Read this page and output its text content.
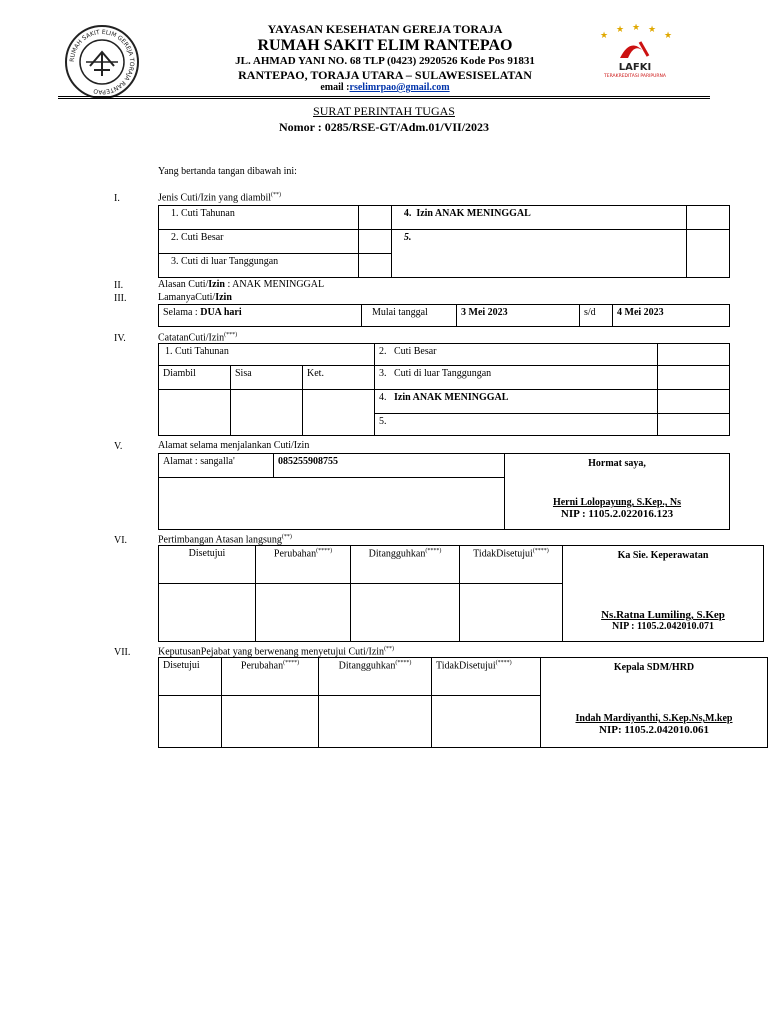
RUMAH SAKIT ELIM GEREJA TORAJA RANTEPAO
YAYASAN KESEHATAN GEREJA TORAJA
RUMAH SAKIT ELIM RANTEPAO
JL. AHMAD YANI NO. 68 TLP (0423) 2920526 Kode Pos 91831
RANTEPAO, TORAJA UTARA – SULAWESISELATAN
email :rselimrpao@gmail.com
★
★ ★ ★
★
LAFKI
TERAKREDITASI PARIPURNA
SURAT PERINTAH TUGAS
Nomor : 0285/RSE-GT/Adm.01/VII/2023
Yang bertanda tangan dibawah ini:
I.	Jenis Cuti/Izin yang diambil(**)
1. Cuti Tahunan		4. Izin ANAK MENINGGAL	
2. Cuti Besar		5.	
3. Cuti di luar Tanggungan			
II.	Alasan Cuti/Izin : ANAK MENINGGAL
III.	LamanyaCuti/Izin
Selama : DUA hari	Mulai tanggal	3 Mei 2023	s/d	4 Mei 2023
IV.	CatatanCuti/Izin(***)
1. Cuti Tahunan			2. Cuti Besar	
Diambil	Sisa	Ket.	3. Cuti di luar Tanggungan	
			4. Izin ANAK MENINGGAL	
			5.	
V.	Alamat selama menjalankan Cuti/Izin
Alamat : sangalla'	085255908755	Hormat saya,
Herni Lolopayung, S.Kep., Ns
NIP : 1105.2.022016.123

VI.	Pertimbangan Atasan langsung(**)
Disetujui	Perubahan(****)	Ditangguhkan(****)	TidakDisetujui(****)	Ka Sie. Keperawatan
Ns.Ratna Lumiling, S.Kep
NIP : 1105.2.042010.071

VII.	KeputusanPejabat yang berwenang menyetujui Cuti/Izin(**)
Disetujui	Perubahan(****)	Ditangguhkan(****)	TidakDisetujui(****)	Kepala SDM/HRD
Indah Mardiyanthi, S.Kep.Ns,M.kep
NIP: 1105.2.042010.061
